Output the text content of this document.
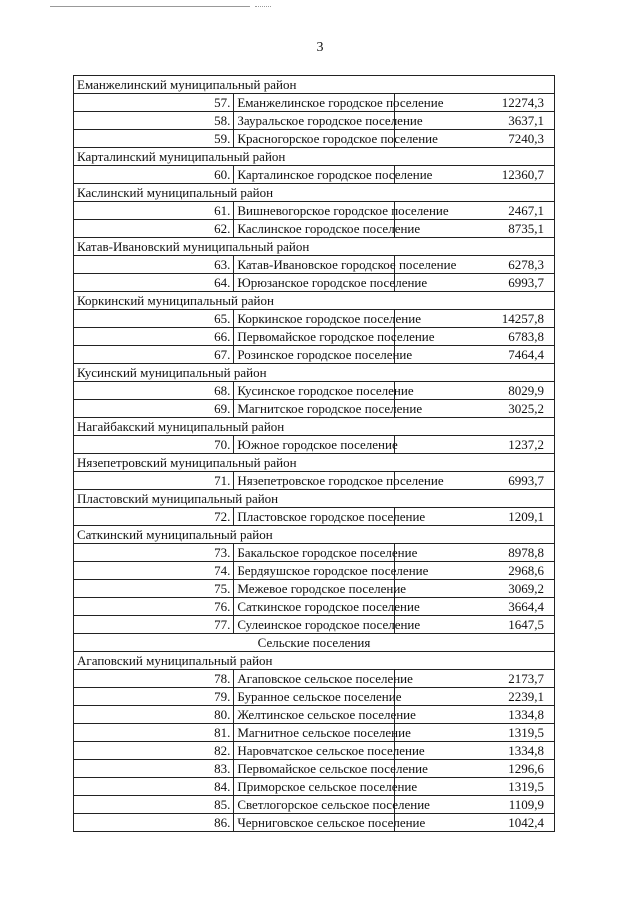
3
Еманжелинский муниципальный район		
57.	Еманжелинское городское поселение	12274,3
58.	Зауральское городское поселение	3637,1
59.	Красногорское городское поселение	7240,3
Карталинский муниципальный район		
60.	Карталинское городское поселение	12360,7
Каслинский муниципальный район		
61.	Вишневогорское городское поселение	2467,1
62.	Каслинское городское поселение	8735,1
Катав-Ивановский муниципальный район		
63.	Катав-Ивановское городское поселение	6278,3
64.	Юрюзанское городское поселение	6993,7
Коркинский муниципальный район		
65.	Коркинское городское поселение	14257,8
66.	Первомайское городское поселение	6783,8
67.	Розинское городское поселение	7464,4
Кусинский муниципальный район		
68.	Кусинское городское поселение	8029,9
69.	Магнитское городское поселение	3025,2
Нагайбакский муниципальный район		
70.	Южное городское поселение	1237,2
Нязепетровский муниципальный район		
71.	Нязепетровское городское поселение	6993,7
Пластовский муниципальный район		
72.	Пластовское городское поселение	1209,1
Саткинский муниципальный район		
73.	Бакальское городское поселение	8978,8
74.	Бердяушское городское поселение	2968,6
75.	Межевое городское поселение	3069,2
76.	Саткинское городское поселение	3664,4
77.	Сулеинское городское поселение	1647,5
Сельские поселения		
Агаповский муниципальный район		
78.	Агаповское сельское поселение	2173,7
79.	Буранное сельское поселение	2239,1
80.	Желтинское сельское поселение	1334,8
81.	Магнитное сельское поселение	1319,5
82.	Наровчатское сельское поселение	1334,8
83.	Первомайское сельское поселение	1296,6
84.	Приморское сельское поселение	1319,5
85.	Светлогорское сельское поселение	1109,9
86.	Черниговское сельское поселение	1042,4
